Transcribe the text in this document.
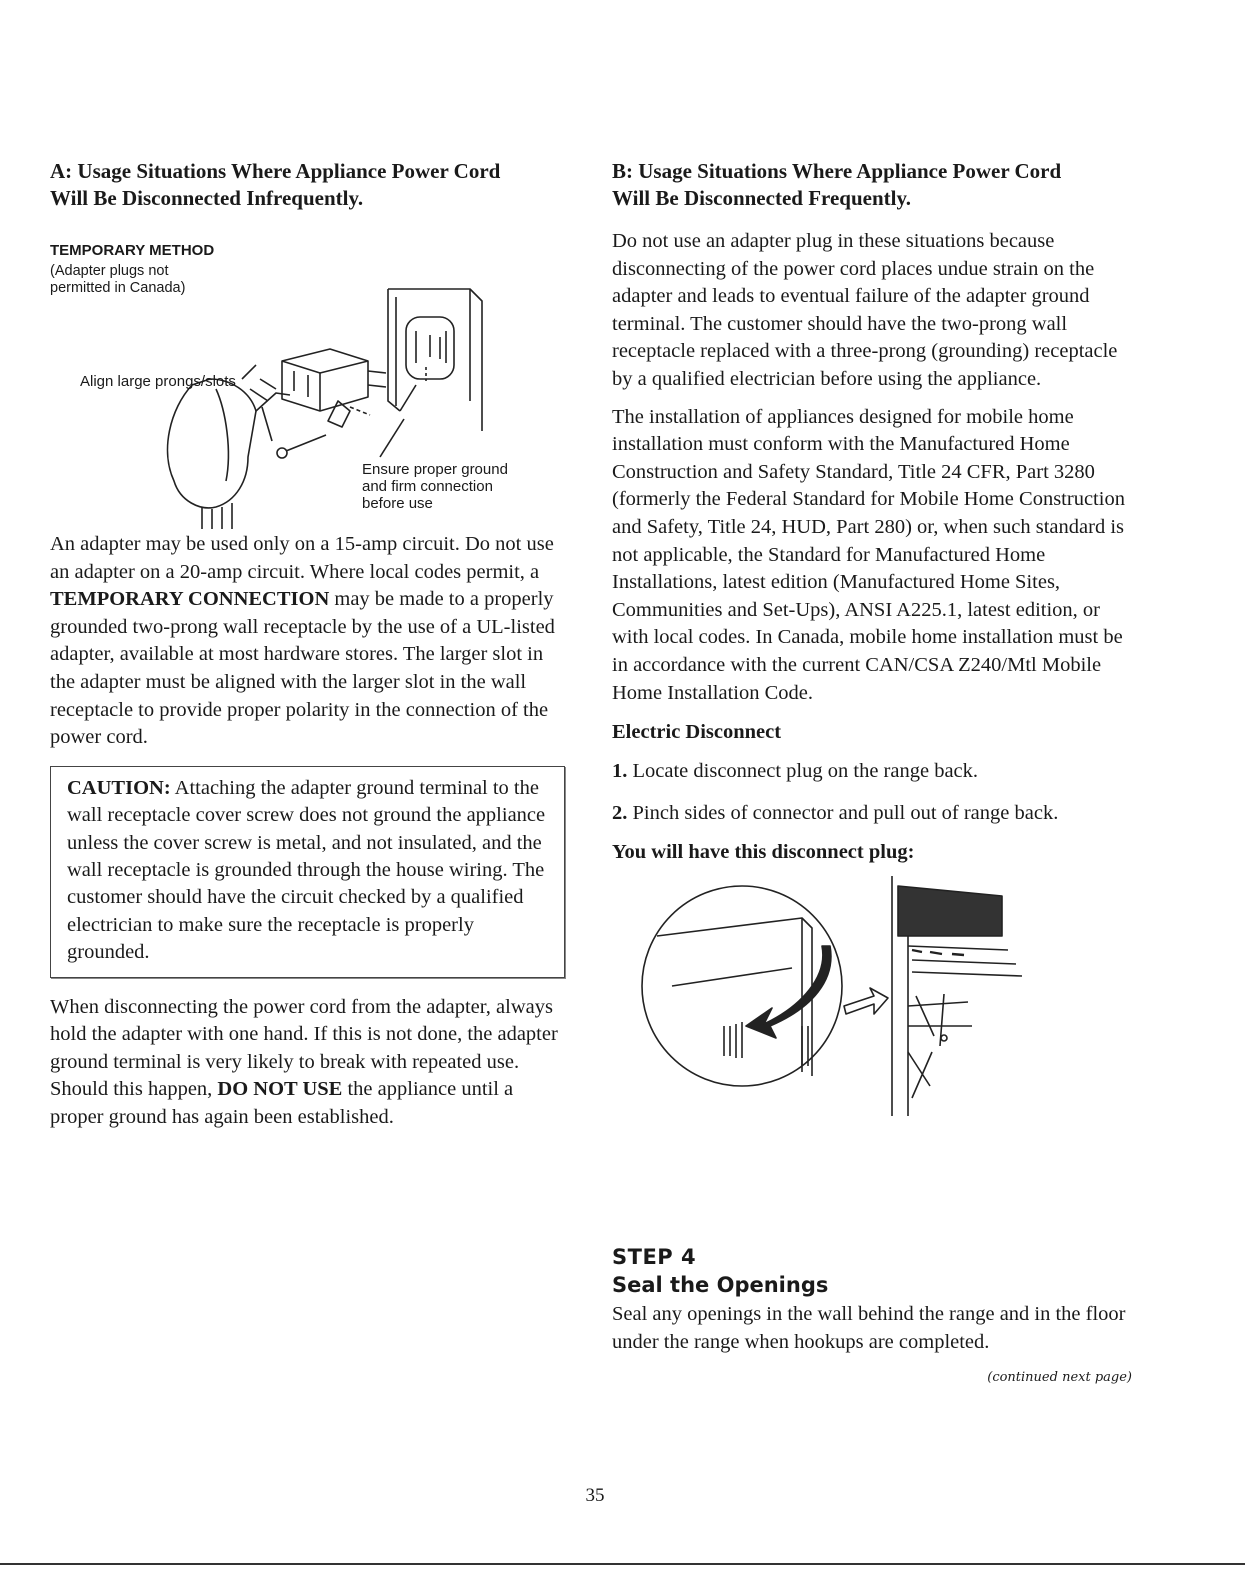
A: Usage Situations Where Appliance Power Cord
Will Be Disconnected Infrequently.

TEMPORARY METHOD

(Adapter plugs not
permitted in Canada)

Align large prongs/slots
Ensure proper ground
and firm connection
before use

An adapter may be used only on a 15-amp circuit. Do not use an adapter on a 20-amp circuit. Where local codes permit, a TEMPORARY CONNECTION may be made to a properly grounded two-prong wall receptacle by the use of a UL-listed adapter, available at most hardware stores. The larger slot in the adapter must be aligned with the larger slot in the wall receptacle to provide proper polarity in the connection of the power cord.

CAUTION: Attaching the adapter ground terminal to the wall receptacle cover screw does not ground the appliance unless the cover screw is metal, and not insulated, and the wall receptacle is grounded through the house wiring. The customer should have the circuit checked by a qualified electrician to make sure the receptacle is properly grounded.

When disconnecting the power cord from the adapter, always hold the adapter with one hand. If this is not done, the adapter ground terminal is very likely to break with repeated use. Should this happen, DO NOT USE the appliance until a proper ground has again been established.

B: Usage Situations Where Appliance Power Cord
Will Be Disconnected Frequently.

Do not use an adapter plug in these situations because disconnecting of the power cord places undue strain on the adapter and leads to eventual failure of the adapter ground terminal. The customer should have the two-prong wall receptacle replaced with a three-prong (grounding) receptacle by a qualified electrician before using the appliance.

The installation of appliances designed for mobile home installation must conform with the Manufactured Home Construction and Safety Standard, Title 24 CFR, Part 3280 (formerly the Federal Standard for Mobile Home Construction and Safety, Title 24, HUD, Part 280) or, when such standard is not applicable, the Standard for Manufactured Home Installations, latest edition (Manufactured Home Sites, Communities and Set-Ups), ANSI A225.1, latest edition, or with local codes. In Canada, mobile home installation must be in accordance with the current CAN/CSA Z240/Mtl Mobile Home Installation Code.

Electric Disconnect

1. Locate disconnect plug on the range back.

2. Pinch sides of connector and pull out of range back.

You will have this disconnect plug:

STEP 4

Seal the Openings

Seal any openings in the wall behind the range and in the floor under the range when hookups are completed.

(continued next page)
35
